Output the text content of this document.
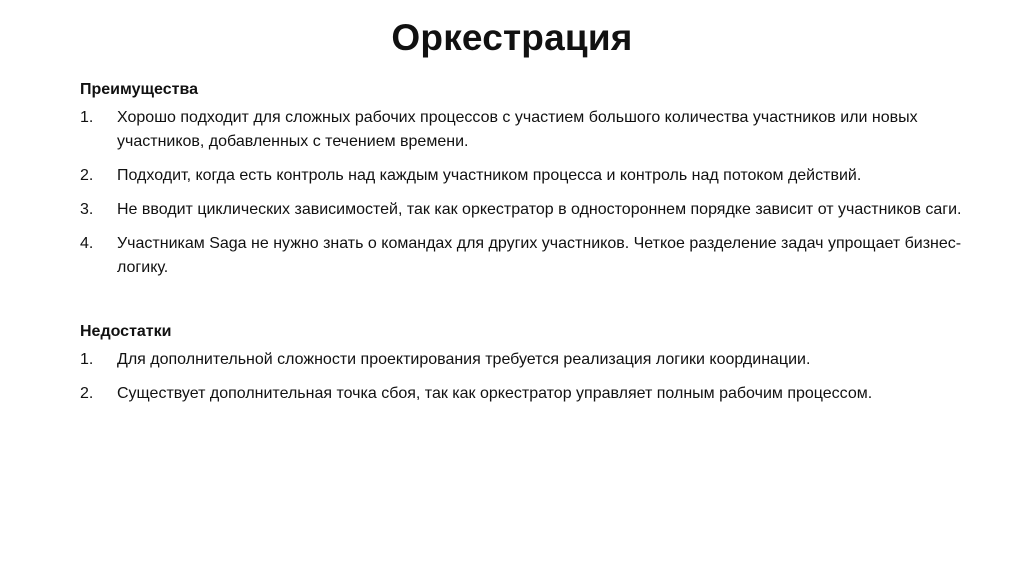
Оркестрация
Преимущества
1.	Хорошо подходит для сложных рабочих процессов с участием большого количества участников или новых участников, добавленных с течением времени.
2.	Подходит, когда есть контроль над каждым участником процесса и контроль над потоком действий.
3.	Не вводит циклических зависимостей, так как оркестратор в одностороннем порядке зависит от участников саги.
4.	Участникам Saga не нужно знать о командах для других участников. Четкое разделение задач упрощает бизнес-логику.
Недостатки
1.	Для дополнительной сложности проектирования требуется реализация логики координации.
2.	Существует дополнительная точка сбоя, так как оркестратор управляет полным рабочим процессом.
